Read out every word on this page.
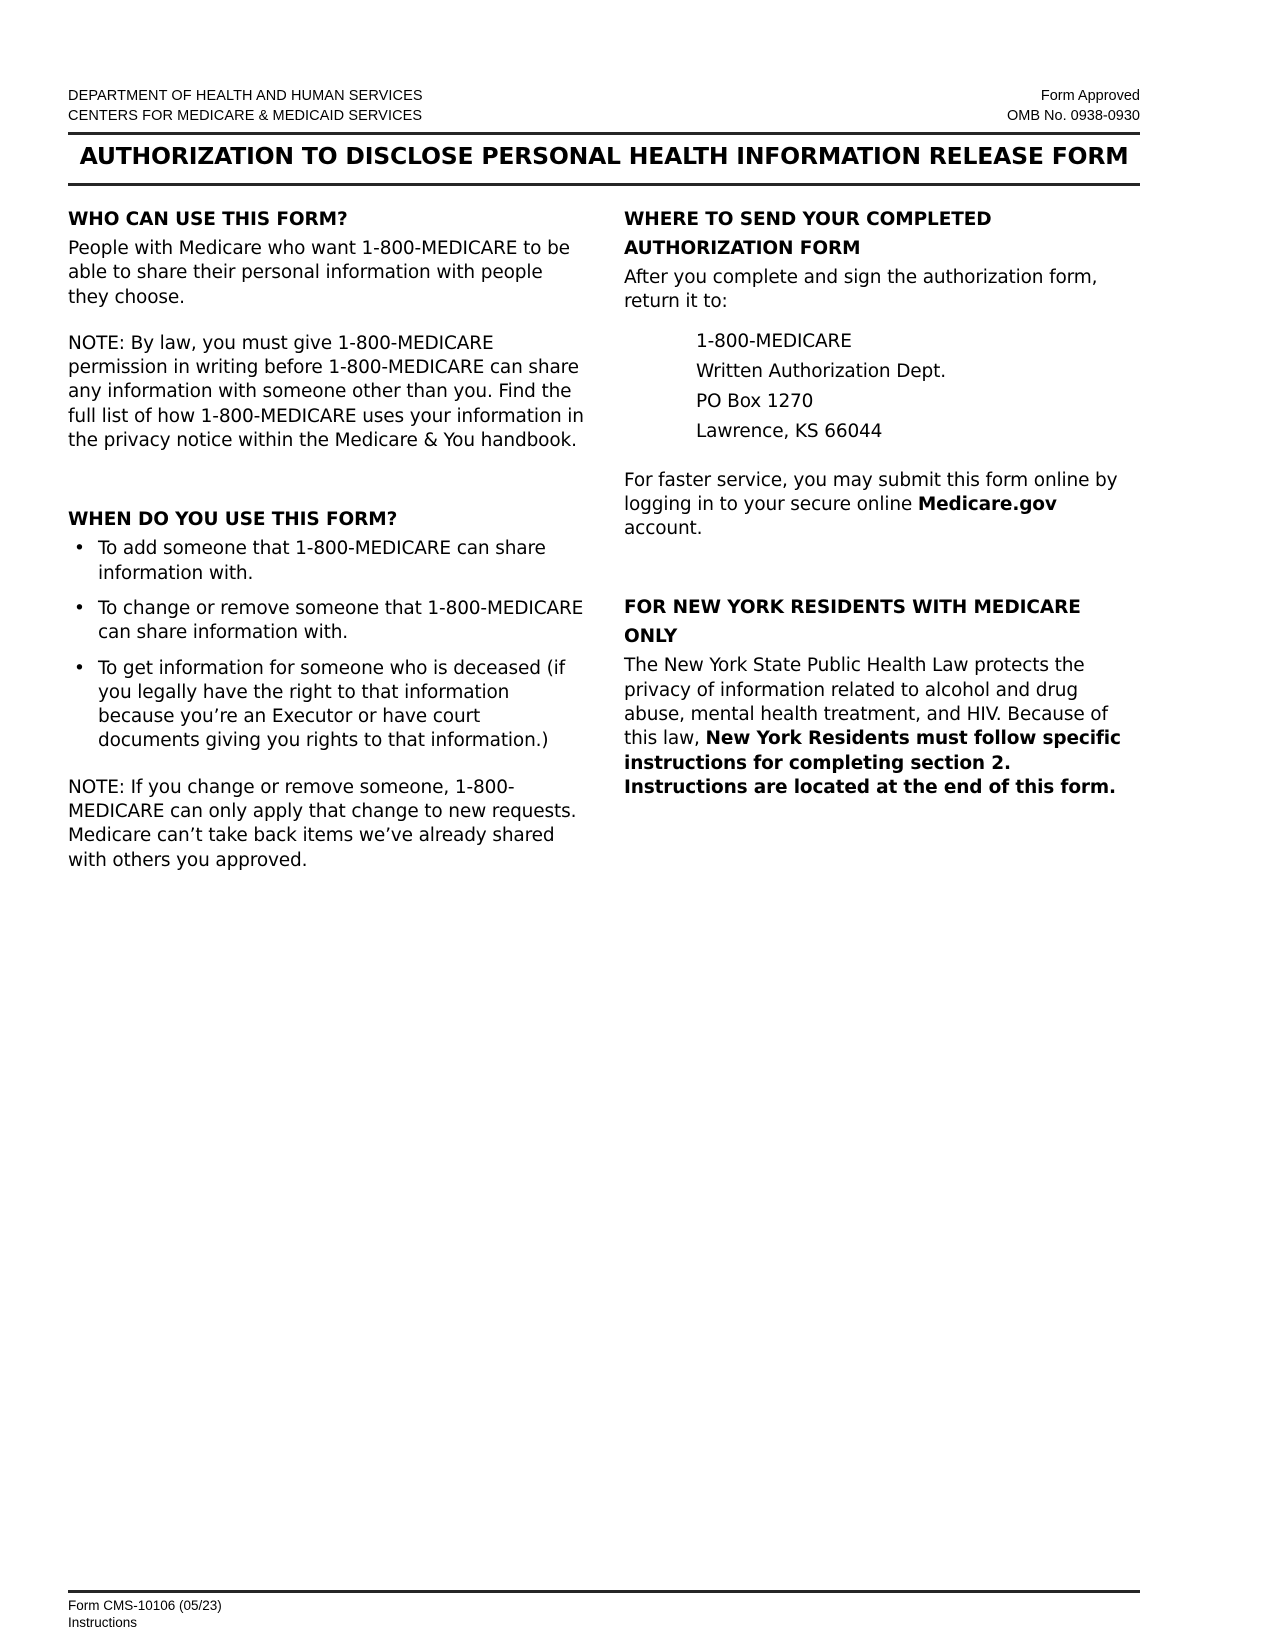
DEPARTMENT OF HEALTH AND HUMAN SERVICES
CENTERS FOR MEDICARE & MEDICAID SERVICES
Form Approved
OMB No. 0938-0930
AUTHORIZATION TO DISCLOSE PERSONAL HEALTH INFORMATION RELEASE FORM
WHO CAN USE THIS FORM?

People with Medicare who want 1-800-MEDICARE to be able to share their personal information with people they choose.

NOTE: By law, you must give 1-800-MEDICARE permission in writing before 1-800-MEDICARE can share any information with someone other than you. Find the full list of how 1-800-MEDICARE uses your information in the privacy notice within the Medicare & You handbook.

WHEN DO YOU USE THIS FORM?
• To add someone that 1-800-MEDICARE can share information with.
• To change or remove someone that 1-800-MEDICARE can share information with.
• To get information for someone who is deceased (if you legally have the right to that information because you’re an Executor or have court documents giving you rights to that information.)

NOTE: If you change or remove someone, 1-800-MEDICARE can only apply that change to new requests. Medicare can’t take back items we’ve already shared with others you approved.

WHERE TO SEND YOUR COMPLETED AUTHORIZATION FORM

After you complete and sign the authorization form, return it to:

1-800-MEDICARE
Written Authorization Dept.
PO Box 1270
Lawrence, KS 66044

For faster service, you may submit this form online by logging in to your secure online Medicare.gov account.

FOR NEW YORK RESIDENTS WITH MEDICARE ONLY

The New York State Public Health Law protects the privacy of information related to alcohol and drug abuse, mental health treatment, and HIV. Because of this law, New York Residents must follow specific instructions for completing section 2. Instructions are located at the end of this form.

Form CMS-10106 (05/23)
Instructions
